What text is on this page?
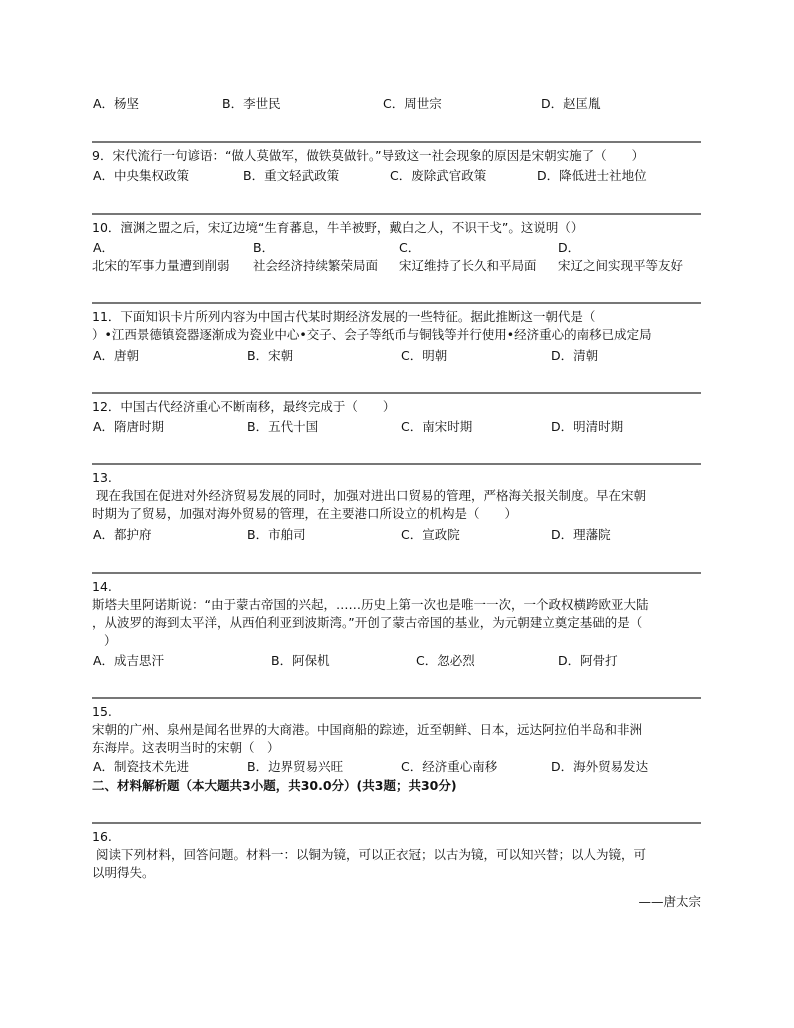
A．杨坚	B．李世民	C．周世宗	D．赵匡胤
9．宋代流行一句谚语：“做人莫做军，做铁莫做针。”导致这一社会现象的原因是宋朝实施了（　　）
A．中央集权政策	B．重文轻武政策	C．废除武官政策	D．降低进士社地位
10．澶渊之盟之后，宋辽边境“生育蕃息，牛羊被野，戴白之人，不识干戈”。这说明（）
A．	B．	C．	D．
北宋的军事力量遭到削弱 社会经济持续繁荣局面 宋辽维持了长久和平局面 宋辽之间实现平等友好
11．下面知识卡片所列内容为中国古代某时期经济发展的一些特征。据此推断这一朝代是（
）•江西景德镇瓷器逐渐成为瓷业中心•交子、会子等纸币与铜钱等并行使用•经济重心的南移已成定局
A．唐朝	B．宋朝	C．明朝	D．清朝
12．中国古代经济重心不断南移，最终完成于（　　）
A．隋唐时期	B．五代十国	C．南宋时期	D．明清时期
13.
现在我国在促进对外经济贸易发展的同时，加强对进出口贸易的管理，严格海关报关制度。早在宋朝
时期为了贸易，加强对海外贸易的管理，在主要港口所设立的机构是（　　）
A．都护府	B．市舶司	C．宣政院	D．理藩院
14.
斯塔夫里阿诺斯说：“由于蒙古帝国的兴起，……历史上第一次也是唯一一次，一个政权横跨欧亚大陆
，从波罗的海到太平洋，从西伯利亚到波斯湾。”开创了蒙古帝国的基业，为元朝建立奠定基础的是（
）
A．成吉思汗	B．阿保机	C．忽必烈	D．阿骨打
15.
宋朝的广州、泉州是闻名世界的大商港。中国商船的踪迹，近至朝鲜、日本，远达阿拉伯半岛和非洲
东海岸。这表明当时的宋朝（　）
A．制瓷技术先进	B．边界贸易兴旺	C．经济重心南移	D．海外贸易发达
二、材料解析题（本大题共3小题，共30.0分）(共3题；共30分)
16.
阅读下列材料，回答问题。材料一：以铜为镜，可以正衣冠；以古为镜，可以知兴替；以人为镜，可
以明得失。
——唐太宗
